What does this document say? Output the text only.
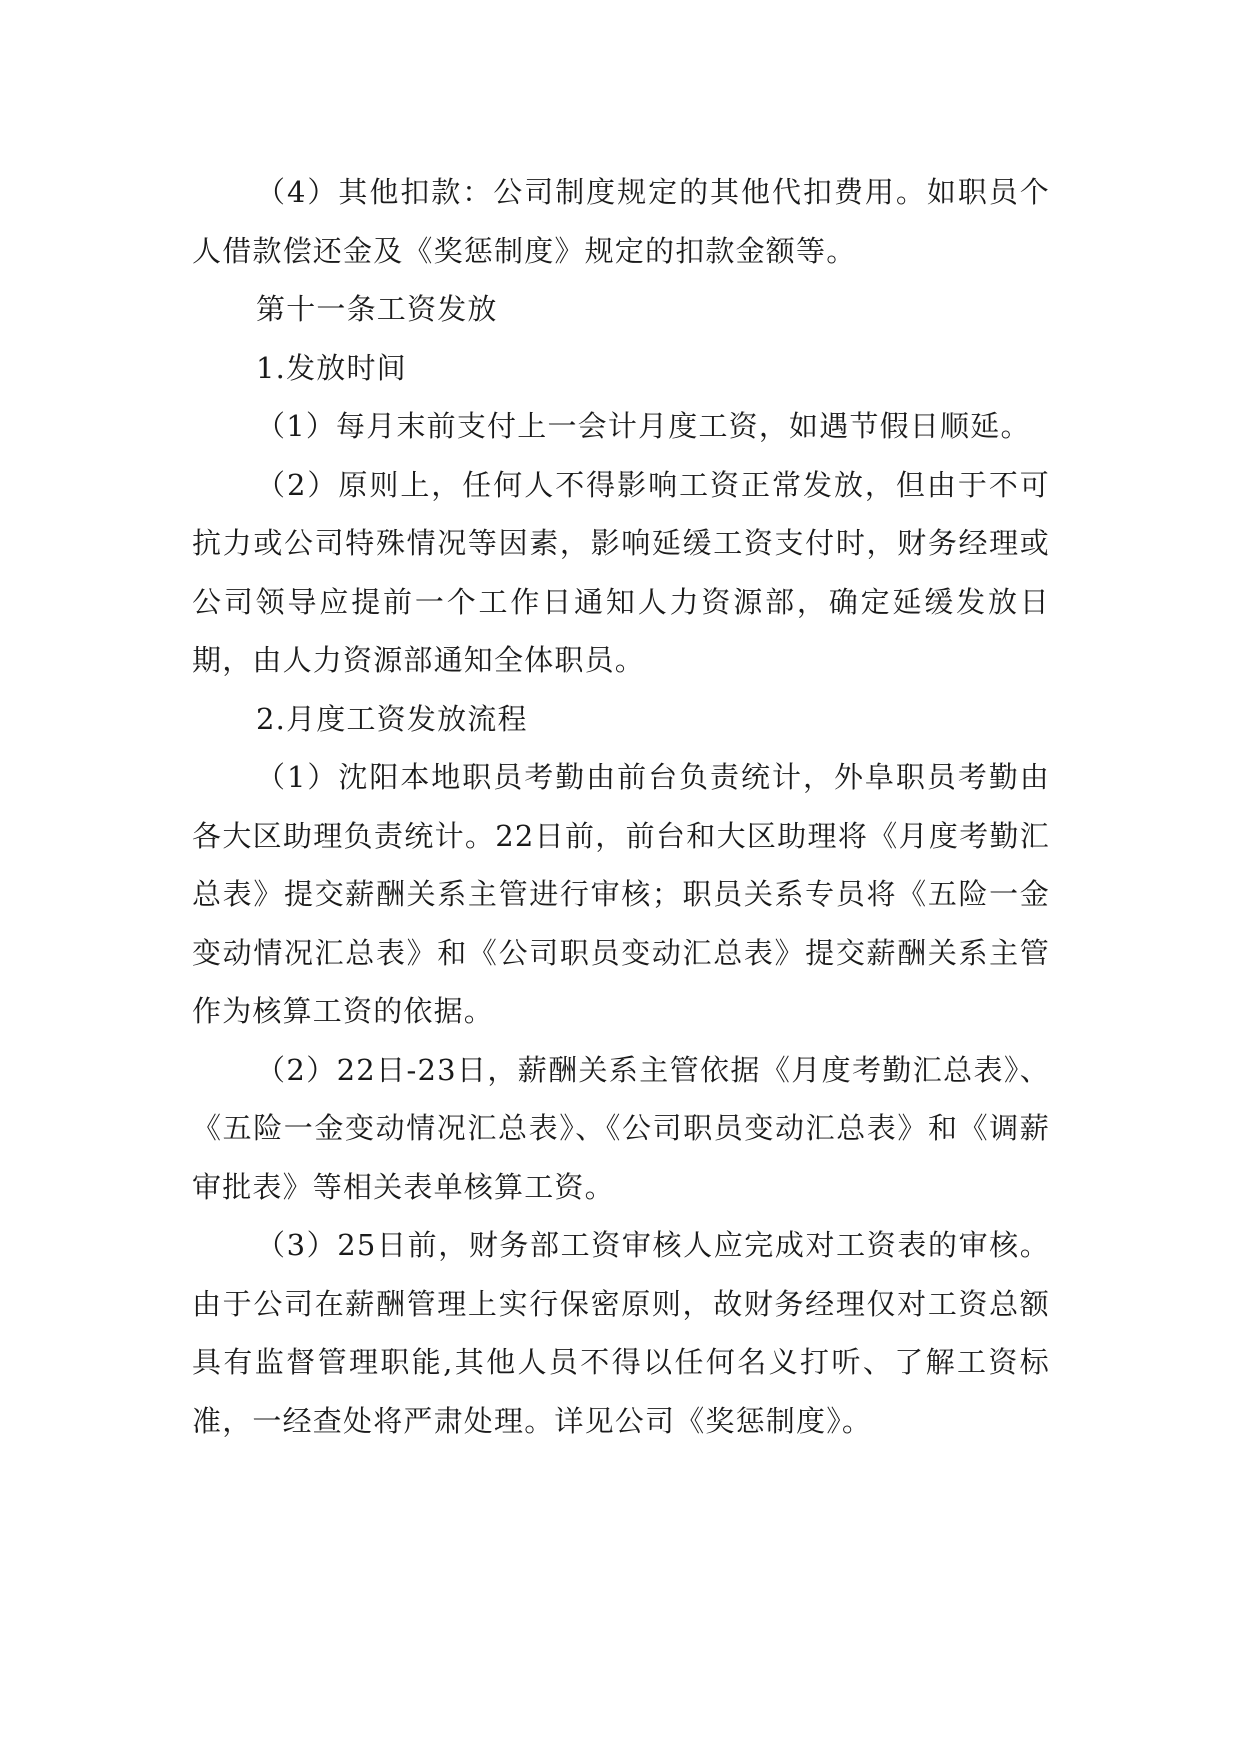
（4）其他扣款：公司制度规定的其他代扣费用。如职员个人借款偿还金及《奖惩制度》规定的扣款金额等。

第十一条工资发放

1.发放时间

（1）每月末前支付上一会计月度工资，如遇节假日顺延。

（2）原则上，任何人不得影响工资正常发放，但由于不可抗力或公司特殊情况等因素，影响延缓工资支付时，财务经理或公司领导应提前一个工作日通知人力资源部，确定延缓发放日期，由人力资源部通知全体职员。

2.月度工资发放流程

（1）沈阳本地职员考勤由前台负责统计，外阜职员考勤由各大区助理负责统计。22日前，前台和大区助理将《月度考勤汇总表》提交薪酬关系主管进行审核；职员关系专员将《五险一金变动情况汇总表》和《公司职员变动汇总表》提交薪酬关系主管作为核算工资的依据。

（2）22日-23日，薪酬关系主管依据《月度考勤汇总表》、《五险一金变动情况汇总表》、《公司职员变动汇总表》和《调薪审批表》等相关表单核算工资。

（3）25日前，财务部工资审核人应完成对工资表的审核。由于公司在薪酬管理上实行保密原则，故财务经理仅对工资总额具有监督管理职能,其他人员不得以任何名义打听、了解工资标准，一经查处将严肃处理。详见公司《奖惩制度》。
